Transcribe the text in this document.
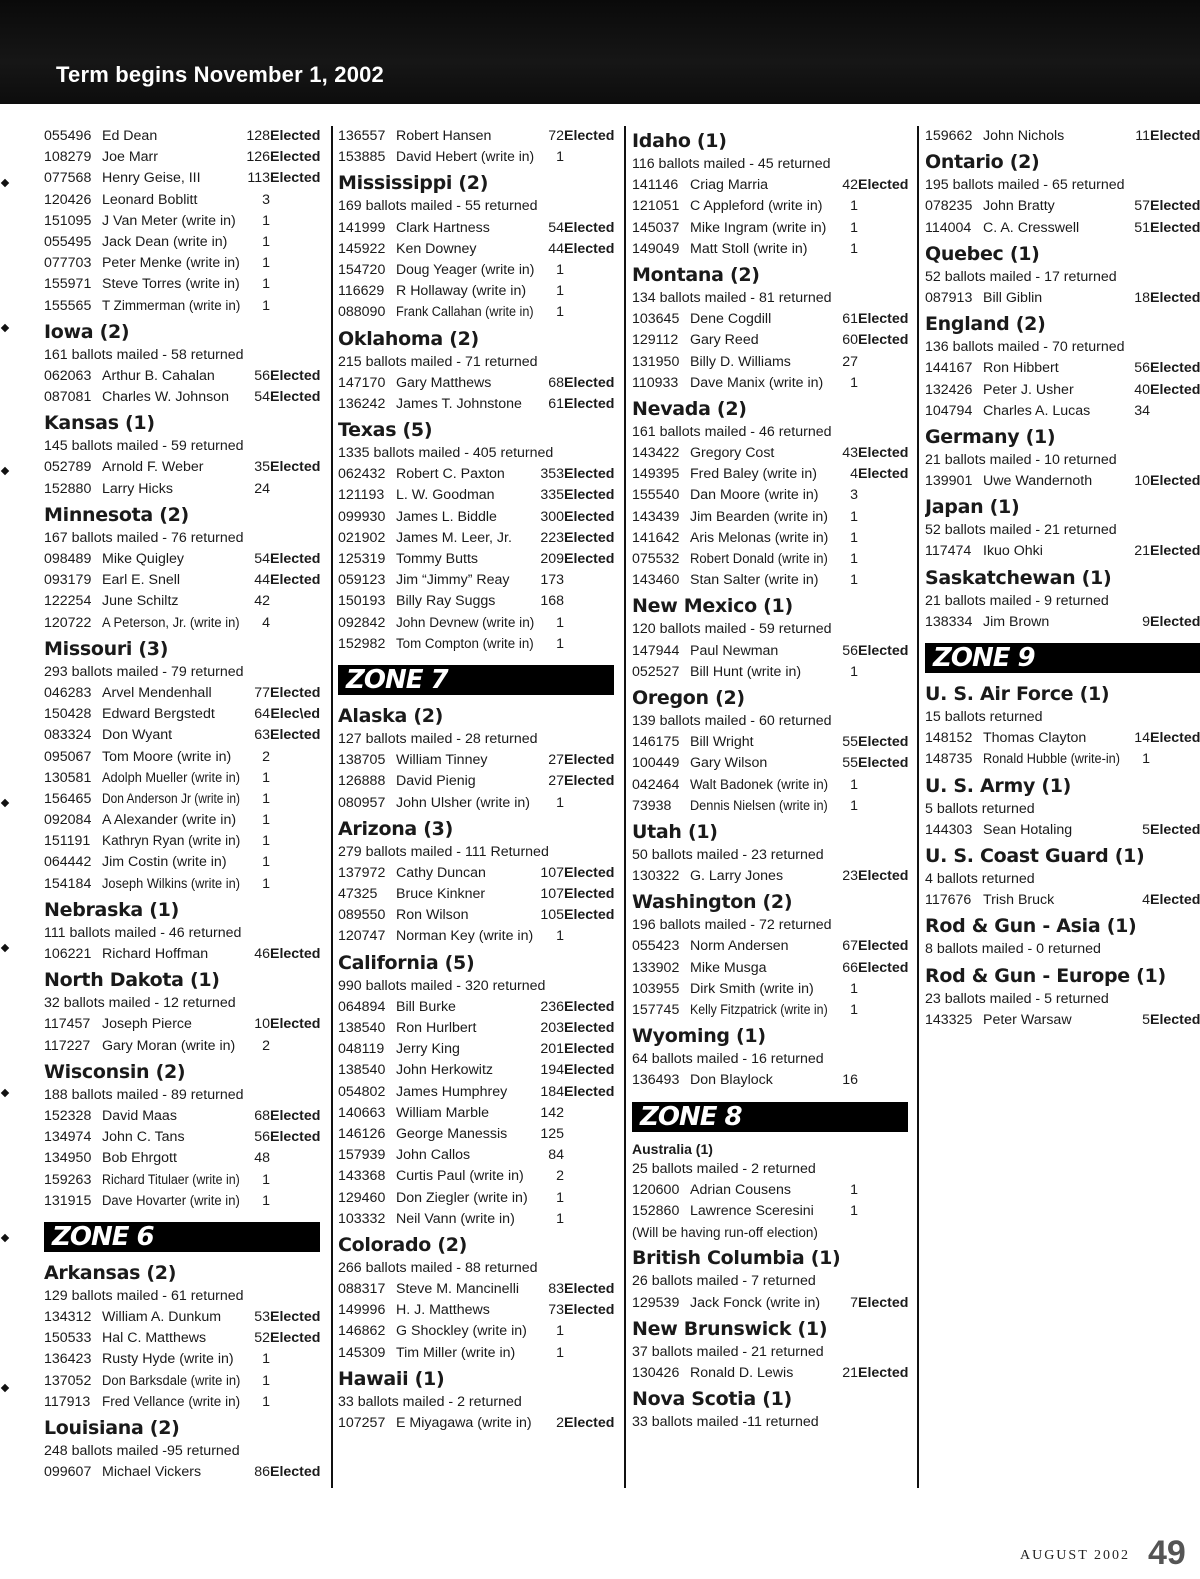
Term begins November 1, 2002
055496 Ed Dean	128 Elected
108279 Joe Marr	126 Elected
077568 Henry Geise, III	113 Elected
120426 Leonard Boblitt	3
151095 J Van Meter (write in)	1
055495 Jack Dean (write in)	1
077703 Peter Menke (write in)	1
155971 Steve Torres (write in)	1
155565 T Zimmerman (write in)	1
Iowa (2)
161 ballots mailed - 58 returned
062063 Arthur B. Cahalan	56 Elected
087081 Charles W. Johnson	54 Elected
Kansas (1)
145 ballots mailed - 59 returned
052789 Arnold F. Weber	35 Elected
152880 Larry Hicks	24
Minnesota (2)
167 ballots mailed - 76 returned
098489 Mike Quigley	54 Elected
093179 Earl E. Snell	44 Elected
122254 June Schiltz	42
120722 A Peterson, Jr. (write in)	4
Missouri (3)
293 ballots mailed - 79 returned
046283 Arvel Mendenhall	77 Elected
150428 Edward Bergstedt	64 Elec\ed
083324 Don Wyant	63 Elected
095067 Tom Moore (write in)	2
130581 Adolph Mueller (write in)	1
156465 Don Anderson Jr (write in)	1
092084 A Alexander (write in)	1
151191 Kathryn Ryan (write in)	1
064442 Jim Costin (write in)	1
154184 Joseph Wilkins (write in)	1
Nebraska (1)
111 ballots mailed - 46 returned
106221 Richard Hoffman	46 Elected
North Dakota (1)
32 ballots mailed - 12 returned
117457 Joseph Pierce	10 Elected
117227 Gary Moran (write in)	2
Wisconsin (2)
188 ballots mailed - 89 returned
152328 David Maas	68 Elected
134974 John C. Tans	56 Elected
134950 Bob Ehrgott	48
159263 Richard Titulaer (write in)	1
131915 Dave Hovarter (write in)	1
ZONE 6
Arkansas (2)
129 ballots mailed - 61 returned
134312 William A. Dunkum	53 Elected
150533 Hal C. Matthews	52 Elected
136423 Rusty Hyde (write in)	1
137052 Don Barksdale (write in)	1
117913 Fred Vellance (write in)	1
Louisiana (2)
248 ballots mailed -95 returned
099607 Michael Vickers	86 Elected
136557 Robert Hansen	72 Elected
153885 David Hebert (write in)	1
Mississippi (2)
169 ballots mailed - 55 returned
141999 Clark Hartness	54 Elected
145922 Ken Downey	44 Elected
154720 Doug Yeager (write in)	1
116629 R Hollaway (write in)	1
088090 Frank Callahan (write in)	1
Oklahoma (2)
215 ballots mailed - 71 returned
147170 Gary Matthews	68 Elected
136242 James T. Johnstone	61 Elected
Texas (5)
1335 ballots mailed - 405 returned
062432 Robert C. Paxton	353 Elected
121193 L. W. Goodman	335 Elected
099930 James L. Biddle	300 Elected
021902 James M. Leer, Jr.	223 Elected
125319 Tommy Butts	209 Elected
059123 Jim “Jimmy” Reay	173
150193 Billy Ray Suggs	168
092842 John Devnew (write in)	1
152982 Tom Compton (write in)	1
ZONE 7
Alaska (2)
127 ballots mailed - 28 returned
138705 William Tinney	27 Elected
126888 David Pienig	27 Elected
080957 John Ulsher (write in)	1
Arizona (3)
279 ballots mailed - 111 Returned
137972 Cathy Duncan	107 Elected
47325	Bruce Kinkner	107 Elected
089550 Ron Wilson	105 Elected
120747 Norman Key (write in)	1
California (5)
990 ballots mailed - 320 returned
064894 Bill Burke	236 Elected
138540 Ron Hurlbert	203 Elected
048119 Jerry King	201 Elected
138540 John Herkowitz	194 Elected
054802 James Humphrey	184 Elected
140663 William Marble	142
146126 George Manessis	125
157939 John Callos	84
143368 Curtis Paul (write in)	2
129460 Don Ziegler (write in)	1
103332 Neil Vann (write in)	1
Colorado (2)
266 ballots mailed - 88 returned
088317 Steve M. Mancinelli	83 Elected
149996 H. J. Matthews	73 Elected
146862 G Shockley (write in)	1
145309 Tim Miller (write in)	1
Hawaii (1)
33 ballots mailed - 2 returned
107257 E Miyagawa (write in)	2 Elected
Idaho (1)
116 ballots mailed - 45 returned
141146 Criag Marria	42 Elected
121051 C Appleford (write in)	1
145037 Mike Ingram (write in)	1
149049 Matt Stoll (write in)	1
Montana (2)
134 ballots mailed - 81 returned
103645 Dene Cogdill	61 Elected
129112 Gary Reed	60 Elected
131950 Billy D. Williams	27
110933 Dave Manix (write in)	1
Nevada (2)
161 ballots mailed - 46 returned
143422 Gregory Cost	43 Elected
149395 Fred Baley (write in)	4 Elected
155540 Dan Moore (write in)	3
143439 Jim Bearden (write in)	1
141642 Aris Melonas (write in)	1
075532 Robert Donald (write in)	1
143460 Stan Salter (write in)	1
New Mexico (1)
120 ballots mailed - 59 returned
147944 Paul Newman	56 Elected
052527 Bill Hunt (write in)	1
Oregon (2)
139 ballots mailed - 60 returned
146175 Bill Wright	55 Elected
100449 Gary Wilson	55 Elected
042464 Walt Badonek (write in)	1
73938	Dennis Nielsen (write in)	1
Utah (1)
50 ballots mailed - 23 returned
130322 G. Larry Jones	23 Elected
Washington (2)
196 ballots mailed - 72 returned
055423 Norm Andersen	67 Elected
133902 Mike Musga	66 Elected
103955 Dirk Smith (write in)	1
157745 Kelly Fitzpatrick (write in)	1
Wyoming (1)
64 ballots mailed - 16 returned
136493 Don Blaylock	16
ZONE 8
Australia (1)
25 ballots mailed - 2 returned
120600 Adrian Cousens	1
152860 Lawrence Sceresini	1
(Will be having run-off election)
British Columbia (1)
26 ballots mailed - 7 returned
129539 Jack Fonck (write in)	7 Elected
New Brunswick (1)
37 ballots mailed - 21 returned
130426 Ronald D. Lewis	21 Elected
Nova Scotia (1)
33 ballots mailed -11 returned
159662 John Nichols	11 Elected
Ontario (2)
195 ballots mailed - 65 returned
078235 John Bratty	57 Elected
114004 C. A. Cresswell	51 Elected
Quebec (1)
52 ballots mailed - 17 returned
087913 Bill Giblin	18 Elected
England (2)
136 ballots mailed - 70 returned
144167 Ron Hibbert	56 Elected
132426 Peter J. Usher	40 Elected
104794 Charles A. Lucas	34
Germany (1)
21 ballots mailed - 10 returned
139901 Uwe Wandernoth	10 Elected
Japan (1)
52 ballots mailed - 21 returned
117474 Ikuo Ohki	21 Elected
Saskatchewan (1)
21 ballots mailed - 9 returned
138334 Jim Brown	9 Elected
ZONE 9
U. S. Air Force (1)
15 ballots returned
148152 Thomas Clayton	14 Elected
148735 Ronald Hubble (write-in)	1
U. S. Army (1)
5 ballots returned
144303 Sean Hotaling	5 Elected
U. S. Coast Guard (1)
4 ballots returned
117676 Trish Bruck	4 Elected
Rod & Gun - Asia (1)
8 ballots mailed - 0 returned
Rod & Gun - Europe (1)
23 ballots mailed - 5 returned
143325 Peter Warsaw	5 Elected
AUGUST 2002 49
